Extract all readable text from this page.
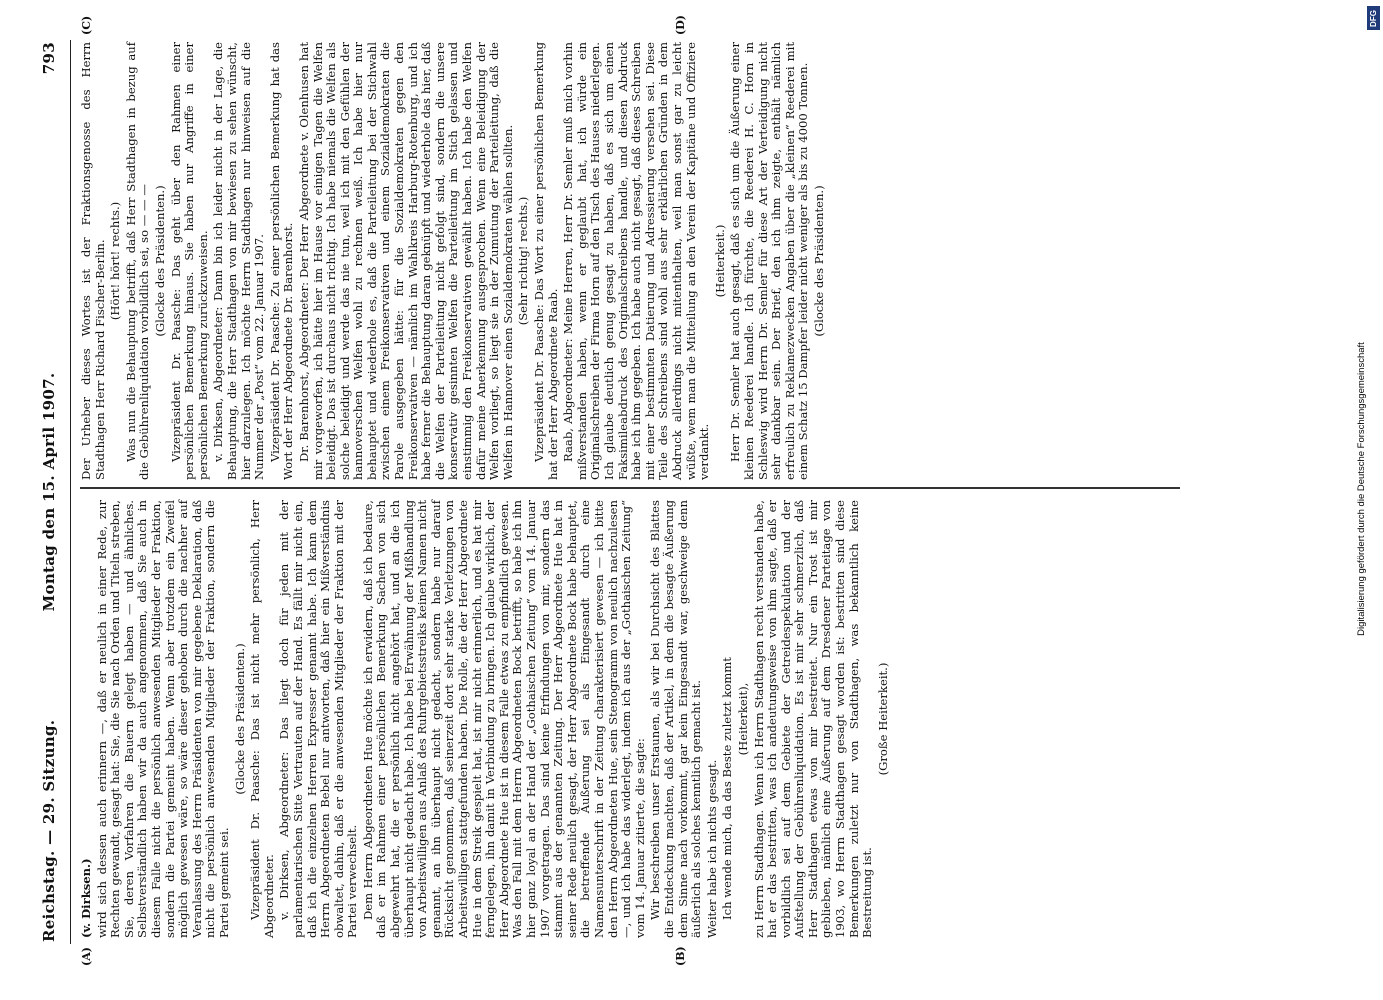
Reichstag. — 29. Sitzung.
Montag den 15. April 1907.
793
(A)	(B)
(C)	(D)

(v. Dirksen.) wird sich dessen auch erinnern —, daß er neulich in einer Rede, zur Rechten gewandt, gesagt hat: Sie, die Sie nach Orden und Titeln streben, Sie, deren Vorfahren die Bauern gelegt haben — und ähnliches. Selbstverständlich haben wir da auch angenommen, daß Sie auch in diesem Falle nicht die persönlich anwesenden Mitglieder der Fraktion, sondern die Partei gemeint haben. Wenn aber trotzdem ein Zweifel möglich gewesen wäre, so wäre dieser gehoben durch die nachher auf Veranlassung des Herrn Präsidenten von mir gegebene Deklaration, daß nicht die persönlich anwesenden Mitglieder der Fraktion, sondern die Partei gemeint sei.

(Glocke des Präsidenten.) Vizepräsident Dr. Paasche: Das ist nicht mehr persönlich, Herr Abgeordneter. v. Dirksen, Abgeordneter: Das liegt doch für jeden mit der parlamentarischen Sitte Vertrauten auf der Hand. Es fällt mir nicht ein, daß ich die einzelnen Herren Expresser genannt habe. Ich kann dem Herrn Abgeordneten Bebel nur antworten, daß hier ein Mißverständnis obwaltet, dahin, daß er die anwesenden Mitglieder der Fraktion mit der Partei verwechselt. Dem Herrn Abgeordneten Hue möchte ich erwidern, daß ich bedaure, daß er im Rahmen einer persönlichen Bemerkung Sachen von sich abgewehrt hat, die er persönlich nicht angehört hat, und an die ich überhaupt nicht gedacht habe. Ich habe bei Erwähnung der Mißhandlung von Arbeitswilligen aus Anlaß des Ruhrgebietsstreiks keinen Namen nicht genannt, an ihn überhaupt nicht gedacht, sondern habe nur darauf Rücksicht genommen, daß seinerzeit dort sehr starke Verletzungen von Arbeitswilligen stattgefunden haben. Die Rolle, die der Herr Abgeordnete Hue in dem Streik gespielt hat, ist mir nicht erinnerlich, und es hat mir ferngelegen, ihn damit in Verbindung zu bringen. Ich glaube wirklich, der Herr Abgeordnete Hue ist in diesem Falle etwas zu empfindlich gewesen. Was den Fall mit dem Herrn Abgeordneten Bock betrifft, so habe ich ihn hier ganz loyal an der Hand der „Gothaischen Zeitung“ vom 14. Januar 1907 vorgetragen. Das sind keine Erfindungen von mir, sondern das stammt aus der genannten Zeitung. Der Herr Abgeordnete Hue hat in seiner Rede neulich gesagt, der Herr Abgeordnete Bock habe behauptet, die betreffende Äußerung sei als Eingesandt durch eine Namensunterschrift in der Zeitung charakterisiert gewesen — ich bitte den Herrn Abgeordneten Hue, sein Stenogramm von neulich nachzulesen —, und ich habe das widerlegt, indem ich aus der „Gothaischen Zeitung“ vom 14. Januar zitierte, die sagte: Wir beschreiben unser Erstaunen, als wir bei Durchsicht des Blattes die Entdeckung machten, daß der Artikel, in dem die besagte Äußerung dem Sinne nach vorkommt, gar kein Eingesandt war, geschweige denn äußerlich als solches kenntlich gemacht ist. Weiter habe ich nichts gesagt. Ich wende mich, da das Beste zuletzt kommt (Heiterkeit), zu Herrn Stadthagen. Wenn ich Herrn Stadthagen recht verstanden habe, hat er das bestritten, was ich andeutungsweise von ihm sagte, daß er vorbildlich sei auf dem Gebiete der Getreidespekulation und der Aufstellung der Gebührenliquidation. Es ist mir sehr schmerzlich, daß Herr Stadthagen etwas von mir bestreitet. Nur ein Trost ist mir geblieben, nämlich eine Äußerung auf dem Dresdener Parteitage von 1903, wo Herrn Stadthagen gesagt worden ist: bestritten sind diese Bemerkungen zuletzt nur von Stadthagen, was bekanntlich keine Bestreitung ist.

(Große Heiterkeit.)

Der Urheber dieses Wortes ist der Fraktionsgenosse des Herrn Stadthagen Herr Richard Fischer-Berlin. (Hört! hört! rechts.) Was nun die Behauptung betrifft, daß Herr Stadthagen in bezug auf die Gebührenliquidation vorbildlich sei, so — — — (Glocke des Präsidenten.) Vizepräsident Dr. Paasche: Das geht über den Rahmen einer persönlichen Bemerkung hinaus. Sie haben nur Angriffe in einer persönlichen Bemerkung zurückzuweisen. v. Dirksen, Abgeordneter: Dann bin ich leider nicht in der Lage, die Behauptung, die Herr Stadthagen von mir bewiesen zu sehen wünscht, hier darzulegen. Ich möchte Herrn Stadthagen nur hinweisen auf die Nummer der „Post“ vom 22. Januar 1907. Vizepräsident Dr. Paasche: Zu einer persönlichen Bemerkung hat das Wort der Herr Abgeordnete Dr. Barenhorst. Dr. Barenhorst, Abgeordneter: Der Herr Abgeordnete v. Olenhusen hat mir vorgeworfen, ich hätte hier im Hause vor einigen Tagen die Welfen beleidigt. Das ist durchaus nicht richtig. Ich habe niemals die Welfen als solche beleidigt und werde das nie tun, weil ich mit den Gefühlen der hannoverschen Welfen wohl zu rechnen weiß. Ich habe hier nur behauptet und wiederhole es, daß die Parteileitung bei der Stichwahl zwischen einem Freikonservativen und einem Sozialdemokraten die Parole ausgegeben hätte: für die Sozialdemokraten gegen den Freikonservativen — nämlich im Wahlkreis Harburg-Rotenburg, und ich habe ferner die Behauptung daran geknüpft und wiederhole das hier, daß die Welfen der Parteileitung nicht gefolgt sind, sondern die unsere konservativ gesinnten Welfen die Parteileitung im Stich gelassen und einstimmig den Freikonservativen gewählt haben. Ich habe den Welfen dafür meine Anerkennung ausgesprochen. Wenn eine Beleidigung der Welfen vorliegt, so liegt sie in der Zumutung der Parteileitung, daß die Welfen in Hannover einen Sozialdemokraten wählen sollten. (Sehr richtig! rechts.) Vizepräsident Dr. Paasche: Das Wort zu einer persönlichen Bemerkung hat der Herr Abgeordnete Raab. Raab, Abgeordneter: Meine Herren, Herr Dr. Semler muß mich vorhin mißverstanden haben, wenn er geglaubt hat, ich würde ein Originalschreiben der Firma Horn auf den Tisch des Hauses niederlegen. Ich glaube deutlich genug gesagt zu haben, daß es sich um einen Faksimileabdruck des Originalschreibens handle, und diesen Abdruck habe ich ihm gegeben. Ich habe auch nicht gesagt, daß dieses Schreiben mit einer bestimmten Datierung und Adressierung versehen sei. Diese Teile des Schreibens sind wohl aus sehr erklärlichen Gründen in dem Abdruck allerdings nicht mitenthalten, weil man sonst gar zu leicht wüßte, wem man die Mitteilung an den Verein der Kapitäne und Offiziere verdankt.

(Heiterkeit.) Herr Dr. Semler hat auch gesagt, daß es sich um die Äußerung einer kleinen Reederei handle. Ich fürchte, die Reederei H. C. Horn in Schleswig wird Herrn Dr. Semler für diese Art der Verteidigung nicht sehr dankbar sein. Der Brief, den ich ihm zeigte, enthält nämlich erfreulich zu Reklamezwecken Angaben über die „kleinen“ Reederei mit einem Schatz 15 Dampfer leider nicht weniger als bis zu 4000 Tonnen. (Glocke des Präsidenten.)

DFG
Digitalisierung gefördert durch die Deutsche Forschungsgemeinschaft
